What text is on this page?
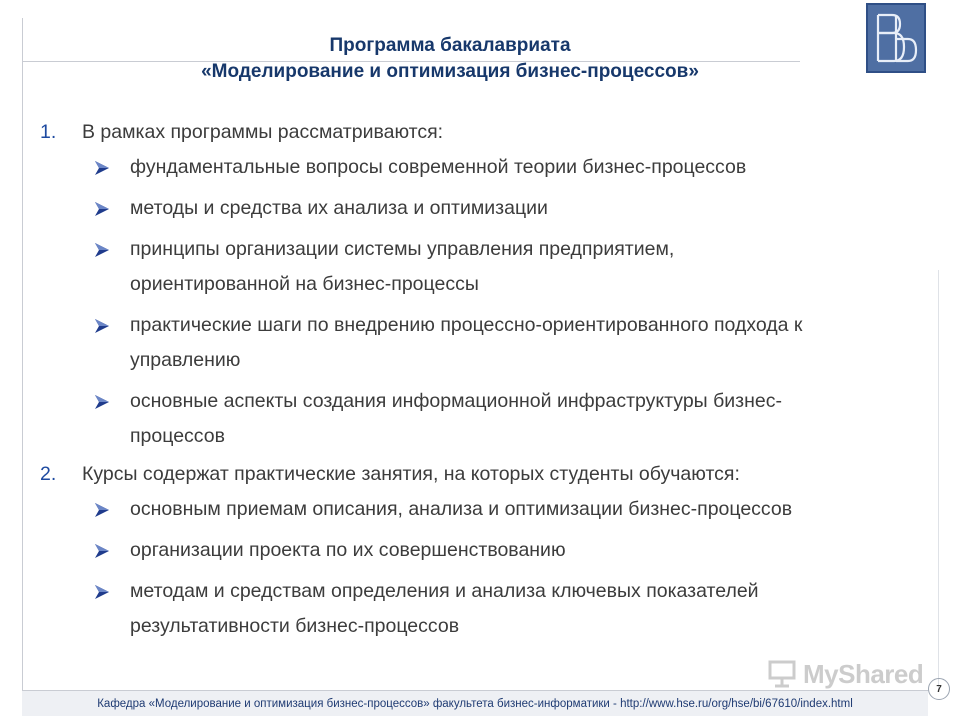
Программа бакалавриата
«Моделирование и оптимизация бизнес-процессов»
1. В рамках программы рассматриваются:
фундаментальные вопросы современной теории бизнес-процессов
методы и средства их анализа и оптимизации
принципы организации системы управления предприятием,
ориентированной на бизнес-процессы
практические шаги по внедрению процессно-ориентированного подхода к
управлению
основные аспекты создания информационной инфраструктуры бизнес-
процессов
2. Курсы содержат практические занятия, на которых студенты обучаются:
основным приемам описания, анализа и оптимизации бизнес-процессов
организации проекта по их совершенствованию
методам и средствам определения и анализа ключевых показателей
результативности бизнес-процессов
MyShared
7
Кафедра «Моделирование и оптимизация бизнес-процессов» факультета бизнес-информатики - http://www.hse.ru/org/hse/bi/67610/index.html
